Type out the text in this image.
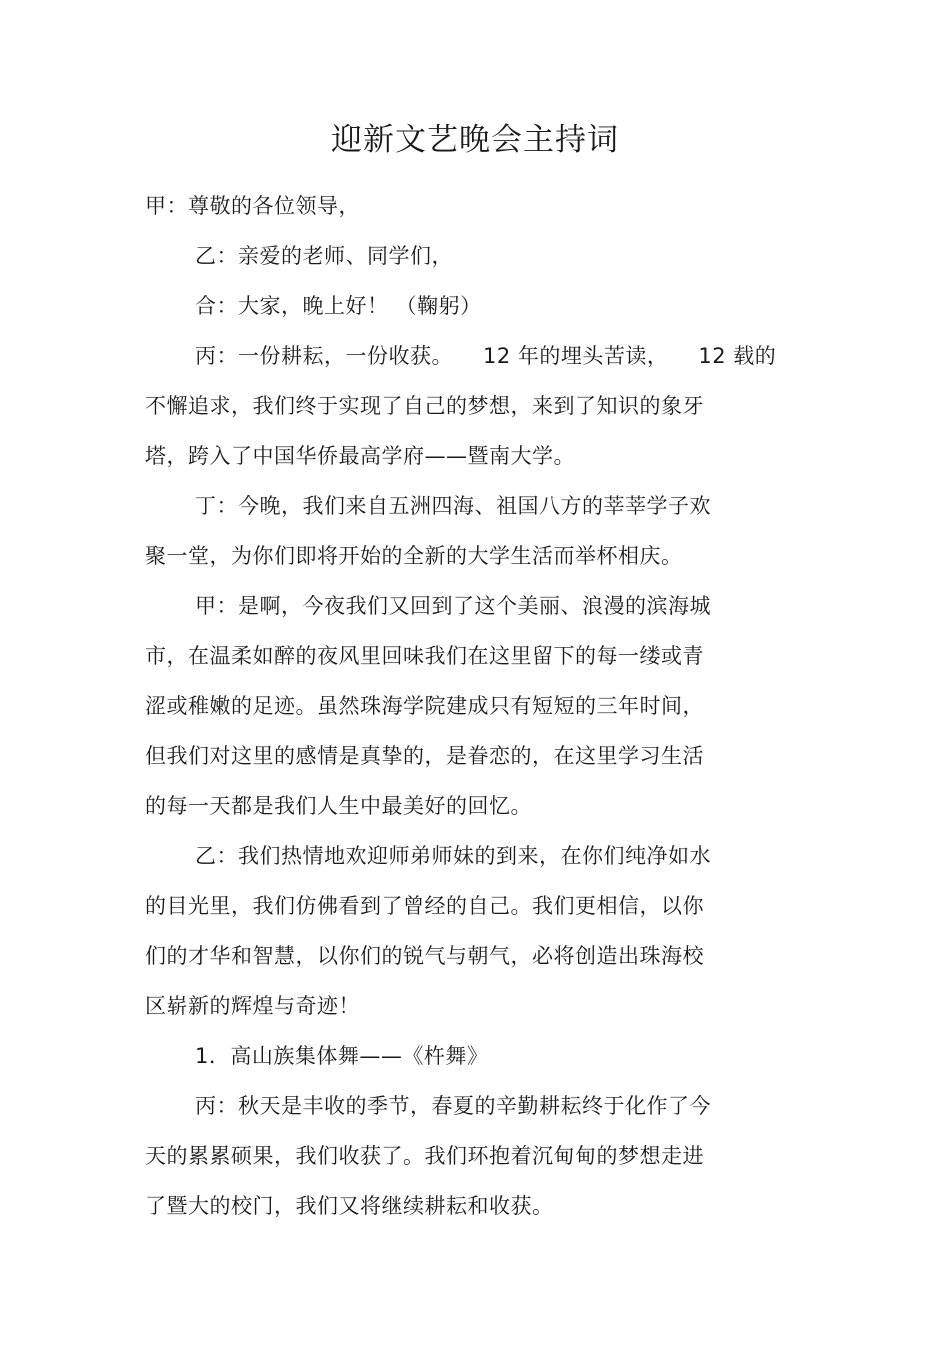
迎新文艺晚会主持词
甲：尊敬的各位领导，
乙：亲爱的老师、同学们，
合：大家，晚上好！ （鞠躬）
丙：一份耕耘，一份收获。 12 年的埋头苦读， 12 载的
不懈追求，我们终于实现了自己的梦想，来到了知识的象牙
塔，跨入了中国华侨最高学府——暨南大学。
丁：今晚，我们来自五洲四海、祖国八方的莘莘学子欢
聚一堂，为你们即将开始的全新的大学生活而举杯相庆。
甲：是啊，今夜我们又回到了这个美丽、浪漫的滨海城
市，在温柔如醉的夜风里回味我们在这里留下的每一缕或青
涩或稚嫩的足迹。虽然珠海学院建成只有短短的三年时间，
但我们对这里的感情是真挚的，是眷恋的，在这里学习生活
的每一天都是我们人生中最美好的回忆。
乙：我们热情地欢迎师弟师妹的到来，在你们纯净如水
的目光里，我们仿佛看到了曾经的自己。我们更相信，以你
们的才华和智慧，以你们的锐气与朝气，必将创造出珠海校
区崭新的辉煌与奇迹！
1．高山族集体舞——《杵舞》
丙：秋天是丰收的季节，春夏的辛勤耕耘终于化作了今
天的累累硕果，我们收获了。我们环抱着沉甸甸的梦想走进
了暨大的校门，我们又将继续耕耘和收获。
